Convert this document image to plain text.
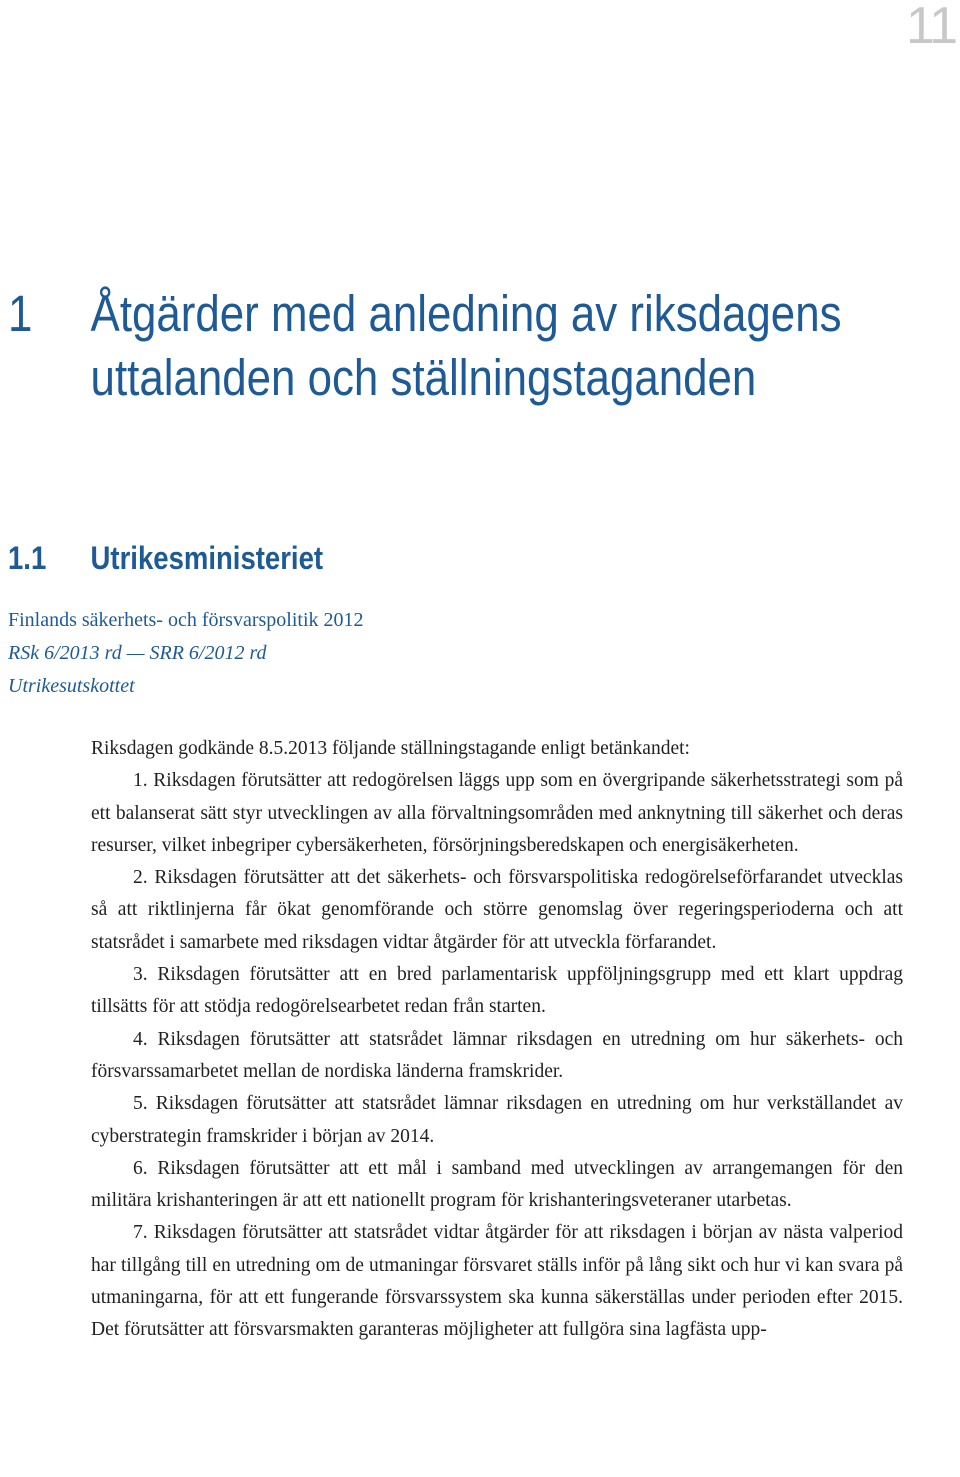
11
1 Åtgärder med anledning av riksdagens
uttalanden och ställningstaganden
1.1 Utrikesministeriet
Finlands säkerhets- och försvarspolitik 2012
RSk 6/2013 rd — SRR 6/2012 rd
Utrikesutskottet

Riksdagen godkände 8.5.2013 följande ställningstagande enligt betänkandet:

1. Riksdagen förutsätter att redogörelsen läggs upp som en övergripande säkerhetsstrategi som på ett balanserat sätt styr utvecklingen av alla förvaltningsområden med anknytning till säkerhet och deras resurser, vilket inbegriper cybersäkerheten, försörjningsberedskapen och energisäkerheten.

2. Riksdagen förutsätter att det säkerhets- och försvarspolitiska redogörelseförfarandet utvecklas så att riktlinjerna får ökat genomförande och större genomslag över regeringsperioderna och att statsrådet i samarbete med riksdagen vidtar åtgärder för att utveckla förfarandet.

3. Riksdagen förutsätter att en bred parlamentarisk uppföljningsgrupp med ett klart uppdrag tillsätts för att stödja redogörelsearbetet redan från starten.

4. Riksdagen förutsätter att statsrådet lämnar riksdagen en utredning om hur säkerhets- och försvarssamarbetet mellan de nordiska länderna framskrider.

5. Riksdagen förutsätter att statsrådet lämnar riksdagen en utredning om hur verkställandet av cyberstrategin framskrider i början av 2014.

6. Riksdagen förutsätter att ett mål i samband med utvecklingen av arrangemangen för den militära krishanteringen är att ett nationellt program för krishanteringsveteraner utarbetas.

7. Riksdagen förutsätter att statsrådet vidtar åtgärder för att riksdagen i början av nästa valperiod har tillgång till en utredning om de utmaningar försvaret ställs inför på lång sikt och hur vi kan svara på utmaningarna, för att ett fungerande försvarssystem ska kunna säkerställas under perioden efter 2015. Det förutsätter att försvarsmakten garanteras möjligheter att fullgöra sina lagfästa upp-
